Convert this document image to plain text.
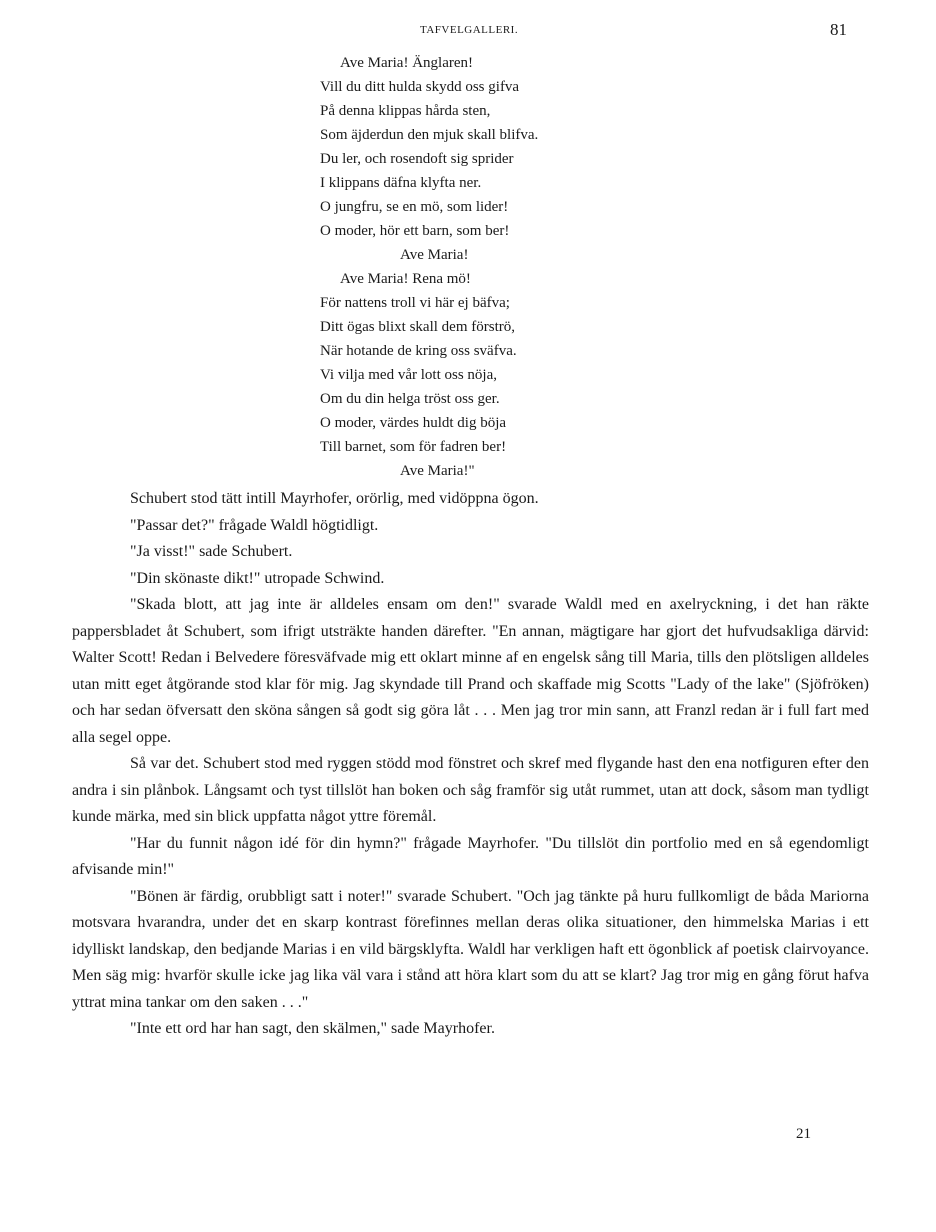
TAFVELGALLERI.	81
Ave Maria! Änglaren!
Vill du ditt hulda skydd oss gifva
På denna klippas hårda sten,
Som äjderdun den mjuk skall blifva.
Du ler, och rosendoft sig sprider
I klippans däfna klyfta ner.
O jungfru, se en mö, som lider!
O moder, hör ett barn, som ber!
Ave Maria!
Ave Maria! Rena mö!
För nattens troll vi här ej bäfva;
Ditt ögas blixt skall dem förströ,
När hotande de kring oss sväfva.
Vi vilja med vår lott oss nöja,
Om du din helga tröst oss ger.
O moder, värdes huldt dig böja
Till barnet, som för fadren ber!
Ave Maria!"

Schubert stod tätt intill Mayrhofer, orörlig, med vidöppna ögon.

"Passar det?" frågade Waldl högtidligt.

"Ja visst!" sade Schubert.

"Din skönaste dikt!" utropade Schwind.

"Skada blott, att jag inte är alldeles ensam om den!" svarade Waldl med en axelryckning, i det han räkte pappersbladet åt Schubert, som ifrigt utsträkte handen därefter. "En annan, mägtigare har gjort det hufvudsakliga därvid: Walter Scott! Redan i Belvedere föresväfvade mig ett oklart minne af en engelsk sång till Maria, tills den plötsligen alldeles utan mitt eget åtgörande stod klar för mig. Jag skyndade till Prand och skaffade mig Scotts "Lady of the lake" (Sjöfröken) och har sedan öfversatt den sköna sången så godt sig göra låt . . . Men jag tror min sann, att Franzl redan är i full fart med alla segel oppe.

Så var det. Schubert stod med ryggen stödd mod fönstret och skref med flygande hast den ena notfiguren efter den andra i sin plånbok. Långsamt och tyst tillslöt han boken och såg framför sig utåt rummet, utan att dock, såsom man tydligt kunde märka, med sin blick uppfatta något yttre föremål.

"Har du funnit någon idé för din hymn?" frågade Mayrhofer. "Du tillslöt din portfolio med en så egendomligt afvisande min!"

"Bönen är färdig, orubbligt satt i noter!" svarade Schubert. "Och jag tänkte på huru fullkomligt de båda Mariorna motsvara hvarandra, under det en skarp kontrast förefinnes mellan deras olika situationer, den himmelska Marias i ett idylliskt landskap, den bedjande Marias i en vild bärgsklyfta. Waldl har verkligen haft ett ögonblick af poetisk clairvoyance. Men säg mig: hvarför skulle icke jag lika väl vara i stånd att höra klart som du att se klart? Jag tror mig en gång förut hafva yttrat mina tankar om den saken . . ."

"Inte ett ord har han sagt, den skälmen," sade Mayrhofer.

21
